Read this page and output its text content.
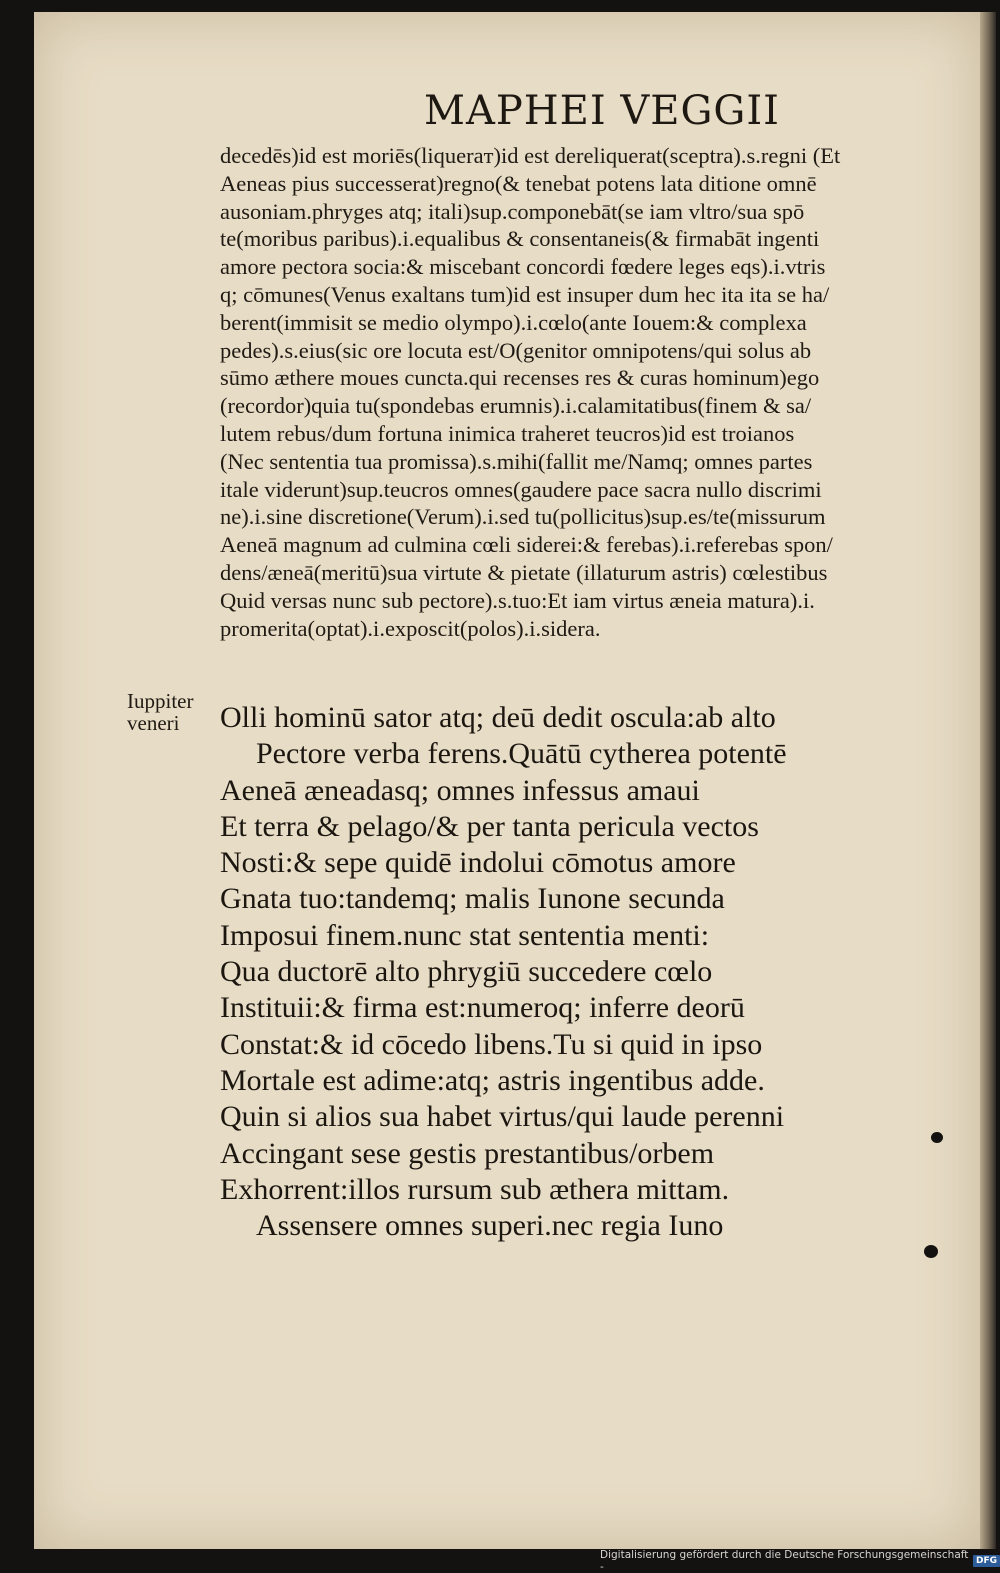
MAPHEI VEGGII
decedēs)id est moriēs(liqueraт)id est dereliquerat(sceptra).s.regni (Et
Aeneas pius successerat)regno(& tenebat potens lata ditione omnē
ausoniam.phryges atq; itali)sup.componebāt(se iam vltro/sua spō
te(moribus paribus).i.equalibus & consentaneis(& firmabāt ingenti
amore pectora socia:& miscebant concordi fœdere leges eqs).i.vtris
q; cōmunes(Venus exaltans tum)id est insuper dum hec ita ita se ha/
berent(immisit se medio olympo).i.cœlo(ante Iouem:& complexa
pedes).s.eius(sic ore locuta est/O(genitor omnipotens/qui solus ab
sūmo æthere moues cuncta.qui recenses res & curas hominum)ego
(recordor)quia tu(spondebas erumnis).i.calamitatibus(finem & sa/
lutem rebus/dum fortuna inimica traheret teucros)id est troianos
(Nec sententia tua promissa).s.mihi(fallit me/Namq; omnes partes
itale viderunt)sup.teucros omnes(gaudere pace sacra nullo discrimi
ne).i.sine discretione(Verum).i.sed tu(pollicitus)sup.es/te(missurum
Aeneā magnum ad culmina cœli siderei:& ferebas).i.referebas spon/
dens/æneā(meritū)sua virtute & pietate (illaturum astris) cœlestibus
Quid versas nunc sub pectore).s.tuo:Et iam virtus æneia matura).i.
promerita(optat).i.exposcit(polos).i.sidera.
Iuppiter
veneri	Olli hominū sator atq; deū dedit oscula:ab alto
Pectore verba ferens.Quātū cytherea potentē
Aeneā æneadasq; omnes infessus amaui
Et terra & pelago/& per tanta pericula vectos
Nosti:& sepe quidē indolui cōmotus amore
Gnata tuo:tandemq; malis Iunone secunda
Imposui finem.nunc stat sententia menti:
Qua ductorē alto phrygiū succedere cœlo
Instituii:& firma est:numeroq; inferre deorū
Constat:& id cōcedo libens.Tu si quid in ipso
Mortale est adime:atq; astris ingentibus adde.
Quin si alios sua habet virtus/qui laude perenni
Accingant sese gestis prestantibus/orbem
Exhorrent:illos rursum sub æthera mittam.
Assensere omnes superi.nec regia Iuno
Digitalisierung gefördert durch die Deutsche Forschungsgemeinschaft -	DFG
